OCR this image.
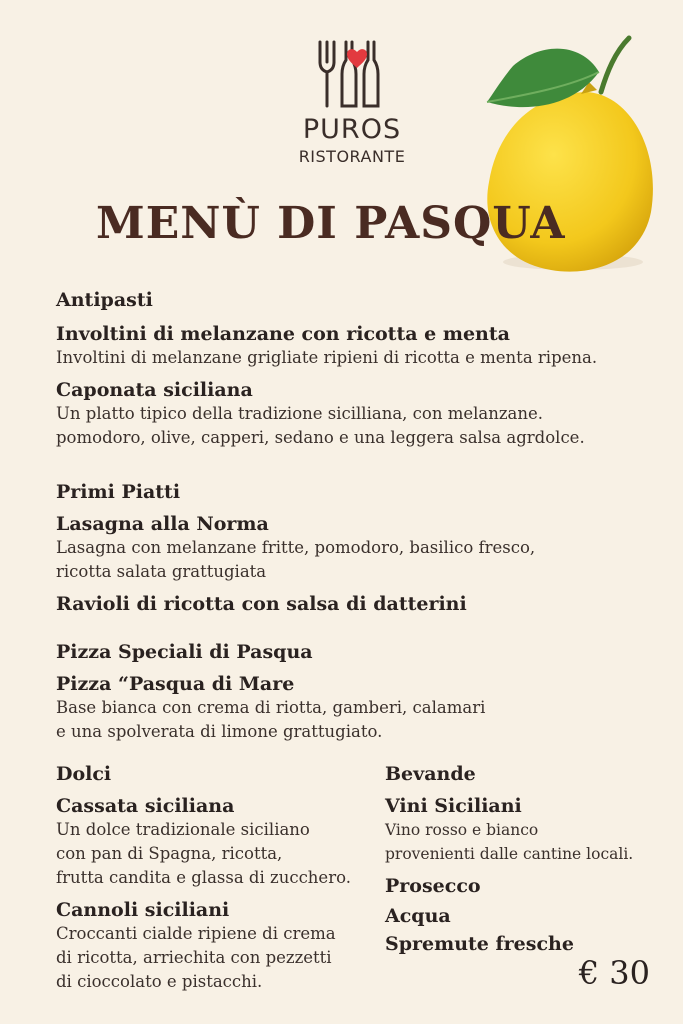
PUROS
RISTORANTE
MENÙ DI PASQUA

Antipasti

Involtini di melanzane con ricotta e menta

Involtini di melanzane grigliate ripieni di ricotta e menta ripena.

Caponata siciliana

Un platto tipico della tradizione sicilliana, con melanzane.

pomodoro, olive, capperi, sedano e una leggera salsa agrdolce.

Primi Piatti

Lasagna alla Norma

Lasagna con melanzane fritte, pomodoro, basilico fresco,

ricotta salata grattugiata

Ravioli di ricotta con salsa di datterini

Pizza Speciali di Pasqua

Pizza “Pasqua di Mare

Base bianca con crema di riotta, gamberi, calamari

e una spolverata di limone grattugiato.

Dolci

Cassata siciliana

Un dolce tradizionale siciliano

con pan di Spagna, ricotta,

frutta candita e glassa di zucchero.

Cannoli siciliani

Croccanti cialde ripiene di crema

di ricotta, arriechita con pezzetti

di cioccolato e pistacchi.

Bevande

Vini Siciliani

Vino rosso e bianco

provenienti dalle cantine locali.

Prosecco

Acqua

Spremute fresche

€ 30
